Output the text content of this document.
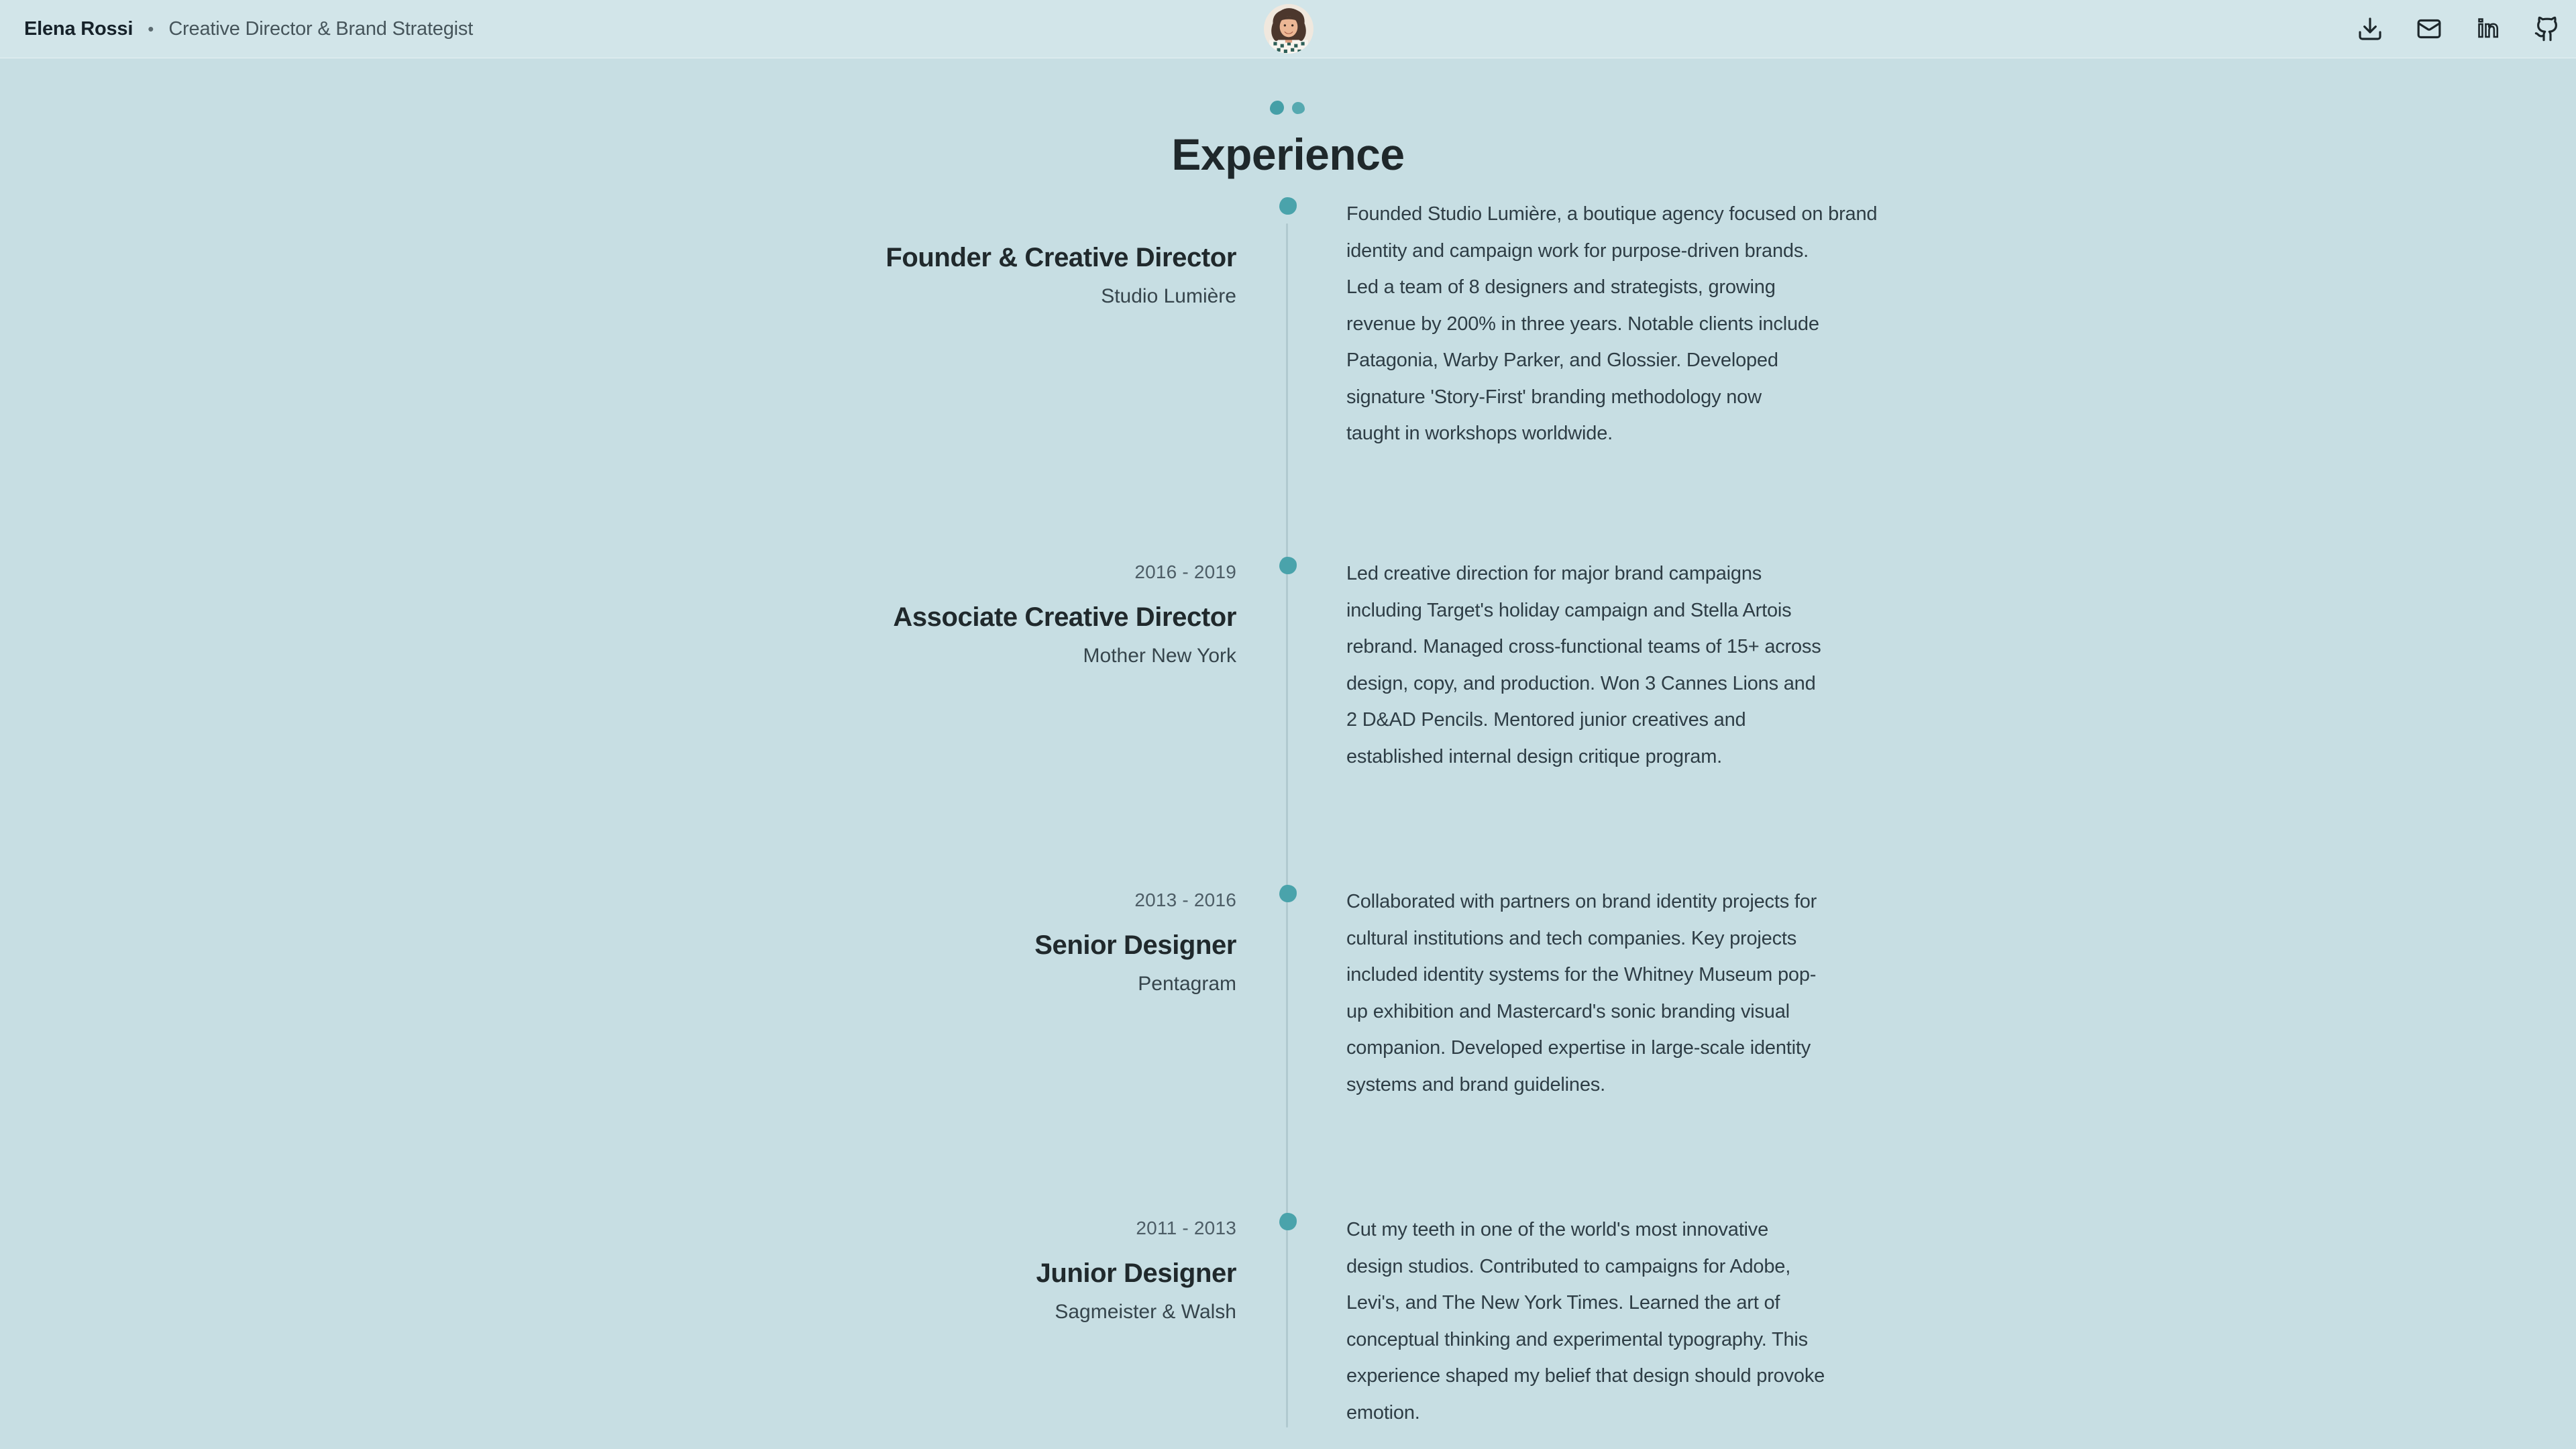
Elena Rossi • Creative Director & Brand Strategist	in
Experience
Founder & Creative Director
Studio Lumière
Founded Studio Lumière, a boutique agency focused on brand
identity and campaign work for purpose-driven brands.
Led a team of 8 designers and strategists, growing
revenue by 200% in three years. Notable clients include
Patagonia, Warby Parker, and Glossier. Developed
signature 'Story-First' branding methodology now
taught in workshops worldwide.
2016 - 2019
Associate Creative Director
Mother New York
Led creative direction for major brand campaigns
including Target's holiday campaign and Stella Artois
rebrand. Managed cross-functional teams of 15+ across
design, copy, and production. Won 3 Cannes Lions and
2 D&AD Pencils. Mentored junior creatives and
established internal design critique program.
2013 - 2016
Senior Designer
Pentagram
Collaborated with partners on brand identity projects for
cultural institutions and tech companies. Key projects
included identity systems for the Whitney Museum pop-
up exhibition and Mastercard's sonic branding visual
companion. Developed expertise in large-scale identity
systems and brand guidelines.
2011 - 2013
Junior Designer
Sagmeister & Walsh
Cut my teeth in one of the world's most innovative
design studios. Contributed to campaigns for Adobe,
Levi's, and The New York Times. Learned the art of
conceptual thinking and experimental typography. This
experience shaped my belief that design should provoke
emotion.
